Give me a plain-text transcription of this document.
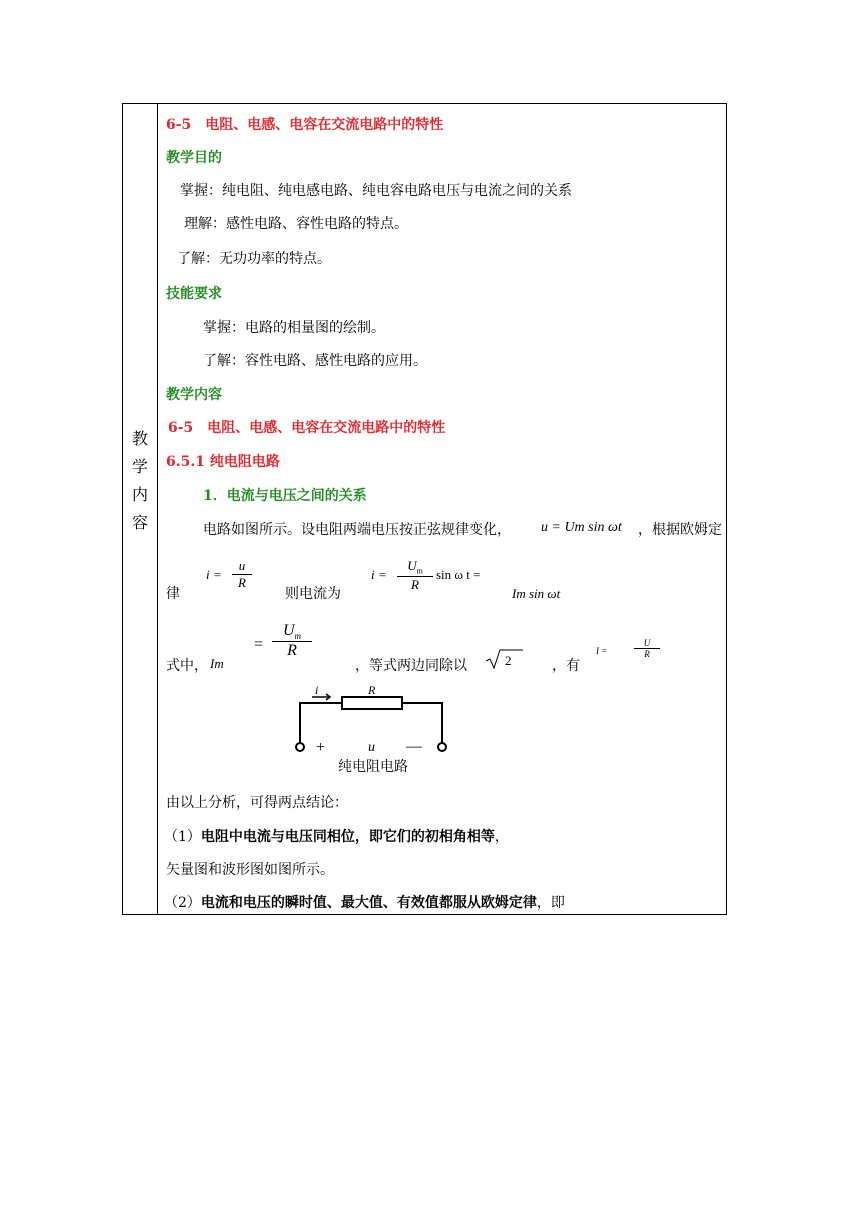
教
学
内
容
6-5　电阻、电感、电容在交流电路中的特性
教学目的
掌握：纯电阻、纯电感电路、纯电容电路电压与电流之间的关系
理解：感性电路、容性电路的特点。
了解：无功功率的特点。
技能要求
掌握：电路的相量图的绘制。
了解：容性电路、感性电路的应用。
教学内容
6-5　电阻、电感、电容在交流电路中的特性
6.5.1 纯电阻电路
1．电流与电压之间的关系
电路如图所示。设电阻两端电压按正弦规律变化， u = Um sin ωt ，根据欧姆定
律
$i = \frac{u}{R}$
则电流为
$i = \frac{U_m}{R}$ sin ω t =
Im sin ωt
式中， Im
= $\frac{U_m}{R}$
，等式两边同除以	2	，有
I =	$\frac{U}{R}$
i	R
+	u —
纯电阻电路
由以上分析，可得两点结论：
（1）电阻中电流与电压同相位，即它们的初相角相等，
矢量图和波形图如图所示。
（2）电流和电压的瞬时值、最大值、有效值都服从欧姆定律，即
